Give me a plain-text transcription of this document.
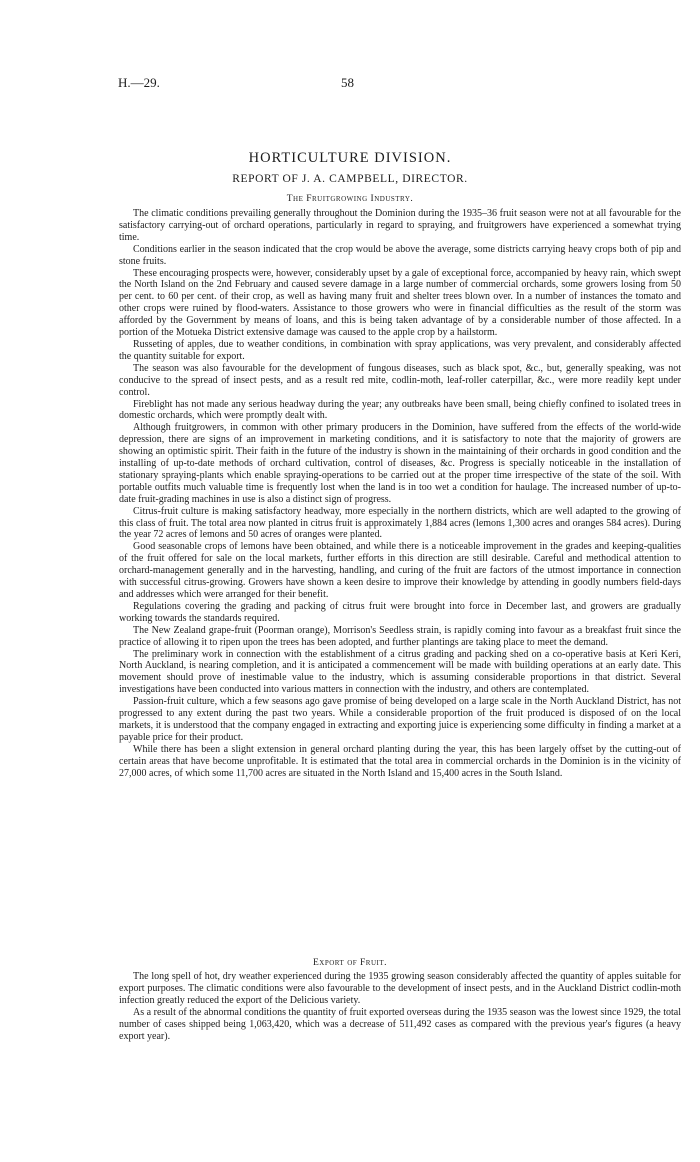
H.—29.	58
HORTICULTURE DIVISION.
REPORT OF J. A. CAMPBELL, DIRECTOR.
The Fruitgrowing Industry.

The climatic conditions prevailing generally throughout the Dominion during the 1935–36 fruit season were not at all favourable for the satisfactory carrying-out of orchard operations, particularly in regard to spraying, and fruitgrowers have experienced a somewhat trying time.

Conditions earlier in the season indicated that the crop would be above the average, some districts carrying heavy crops both of pip and stone fruits.

These encouraging prospects were, however, considerably upset by a gale of exceptional force, accompanied by heavy rain, which swept the North Island on the 2nd February and caused severe damage in a large number of commercial orchards, some growers losing from 50 per cent. to 60 per cent. of their crop, as well as having many fruit and shelter trees blown over. In a number of instances the tomato and other crops were ruined by flood-waters. Assistance to those growers who were in financial difficulties as the result of the storm was afforded by the Government by means of loans, and this is being taken advantage of by a considerable number of those affected. In a portion of the Motueka District extensive damage was caused to the apple crop by a hailstorm.

Russeting of apples, due to weather conditions, in combination with spray applications, was very prevalent, and considerably affected the quantity suitable for export.

The season was also favourable for the development of fungous diseases, such as black spot, &c., but, generally speaking, was not conducive to the spread of insect pests, and as a result red mite, codlin-moth, leaf-roller caterpillar, &c., were more readily kept under control.

Fireblight has not made any serious headway during the year; any outbreaks have been small, being chiefly confined to isolated trees in domestic orchards, which were promptly dealt with.

Although fruitgrowers, in common with other primary producers in the Dominion, have suffered from the effects of the world-wide depression, there are signs of an improvement in marketing conditions, and it is satisfactory to note that the majority of growers are showing an optimistic spirit. Their faith in the future of the industry is shown in the maintaining of their orchards in good condition and the installing of up-to-date methods of orchard cultivation, control of diseases, &c. Progress is specially noticeable in the installation of stationary spraying-plants which enable spraying-operations to be carried out at the proper time irrespective of the state of the soil. With portable outfits much valuable time is frequently lost when the land is in too wet a condition for haulage. The increased number of up-to-date fruit-grading machines in use is also a distinct sign of progress.

Citrus-fruit culture is making satisfactory headway, more especially in the northern districts, which are well adapted to the growing of this class of fruit. The total area now planted in citrus fruit is approximately 1,884 acres (lemons 1,300 acres and oranges 584 acres). During the year 72 acres of lemons and 50 acres of oranges were planted.

Good seasonable crops of lemons have been obtained, and while there is a noticeable improvement in the grades and keeping-qualities of the fruit offered for sale on the local markets, further efforts in this direction are still desirable. Careful and methodical attention to orchard-management generally and in the harvesting, handling, and curing of the fruit are factors of the utmost importance in connection with successful citrus-growing. Growers have shown a keen desire to improve their knowledge by attending in goodly numbers field-days and addresses which were arranged for their benefit.

Regulations covering the grading and packing of citrus fruit were brought into force in December last, and growers are gradually working towards the standards required.

The New Zealand grape-fruit (Poorman orange), Morrison's Seedless strain, is rapidly coming into favour as a breakfast fruit since the practice of allowing it to ripen upon the trees has been adopted, and further plantings are taking place to meet the demand.

The preliminary work in connection with the establishment of a citrus grading and packing shed on a co-operative basis at Keri Keri, North Auckland, is nearing completion, and it is anticipated a commencement will be made with building operations at an early date. This movement should prove of inestimable value to the industry, which is assuming considerable proportions in that district. Several investigations have been conducted into various matters in connection with the industry, and others are contemplated.

Passion-fruit culture, which a few seasons ago gave promise of being developed on a large scale in the North Auckland District, has not progressed to any extent during the past two years. While a considerable proportion of the fruit produced is disposed of on the local markets, it is understood that the company engaged in extracting and exporting juice is experiencing some difficulty in finding a market at a payable price for their product.

While there has been a slight extension in general orchard planting during the year, this has been largely offset by the cutting-out of certain areas that have become unprofitable. It is estimated that the total area in commercial orchards in the Dominion is in the vicinity of 27,000 acres, of which some 11,700 acres are situated in the North Island and 15,400 acres in the South Island.

Export of Fruit.

The long spell of hot, dry weather experienced during the 1935 growing season considerably affected the quantity of apples suitable for export purposes. The climatic conditions were also favourable to the development of insect pests, and in the Auckland District codlin-moth infection greatly reduced the export of the Delicious variety.

As a result of the abnormal conditions the quantity of fruit exported overseas during the 1935 season was the lowest since 1929, the total number of cases shipped being 1,063,420, which was a decrease of 511,492 cases as compared with the previous year's figures (a heavy export year).
